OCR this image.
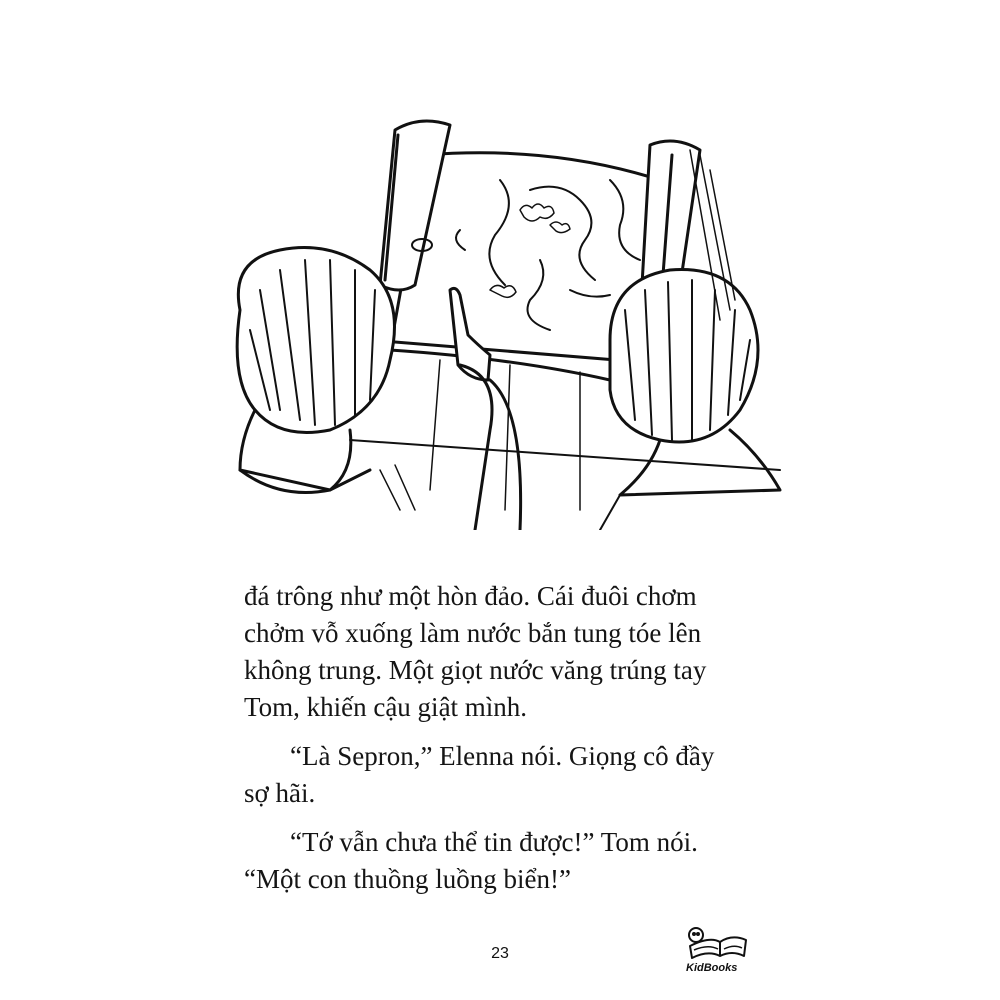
đá trông như một hòn đảo. Cái đuôi chơm
chởm vỗ xuống làm nước bắn tung tóe lên
không trung. Một giọt nước văng trúng tay
Tom, khiến cậu giật mình.

“Là Sepron,” Elenna nói. Giọng cô đầy
sợ hãi.

“Tớ vẫn chưa thể tin được!” Tom nói.
“Một con thuồng luồng biển!”

23
KidBooks
